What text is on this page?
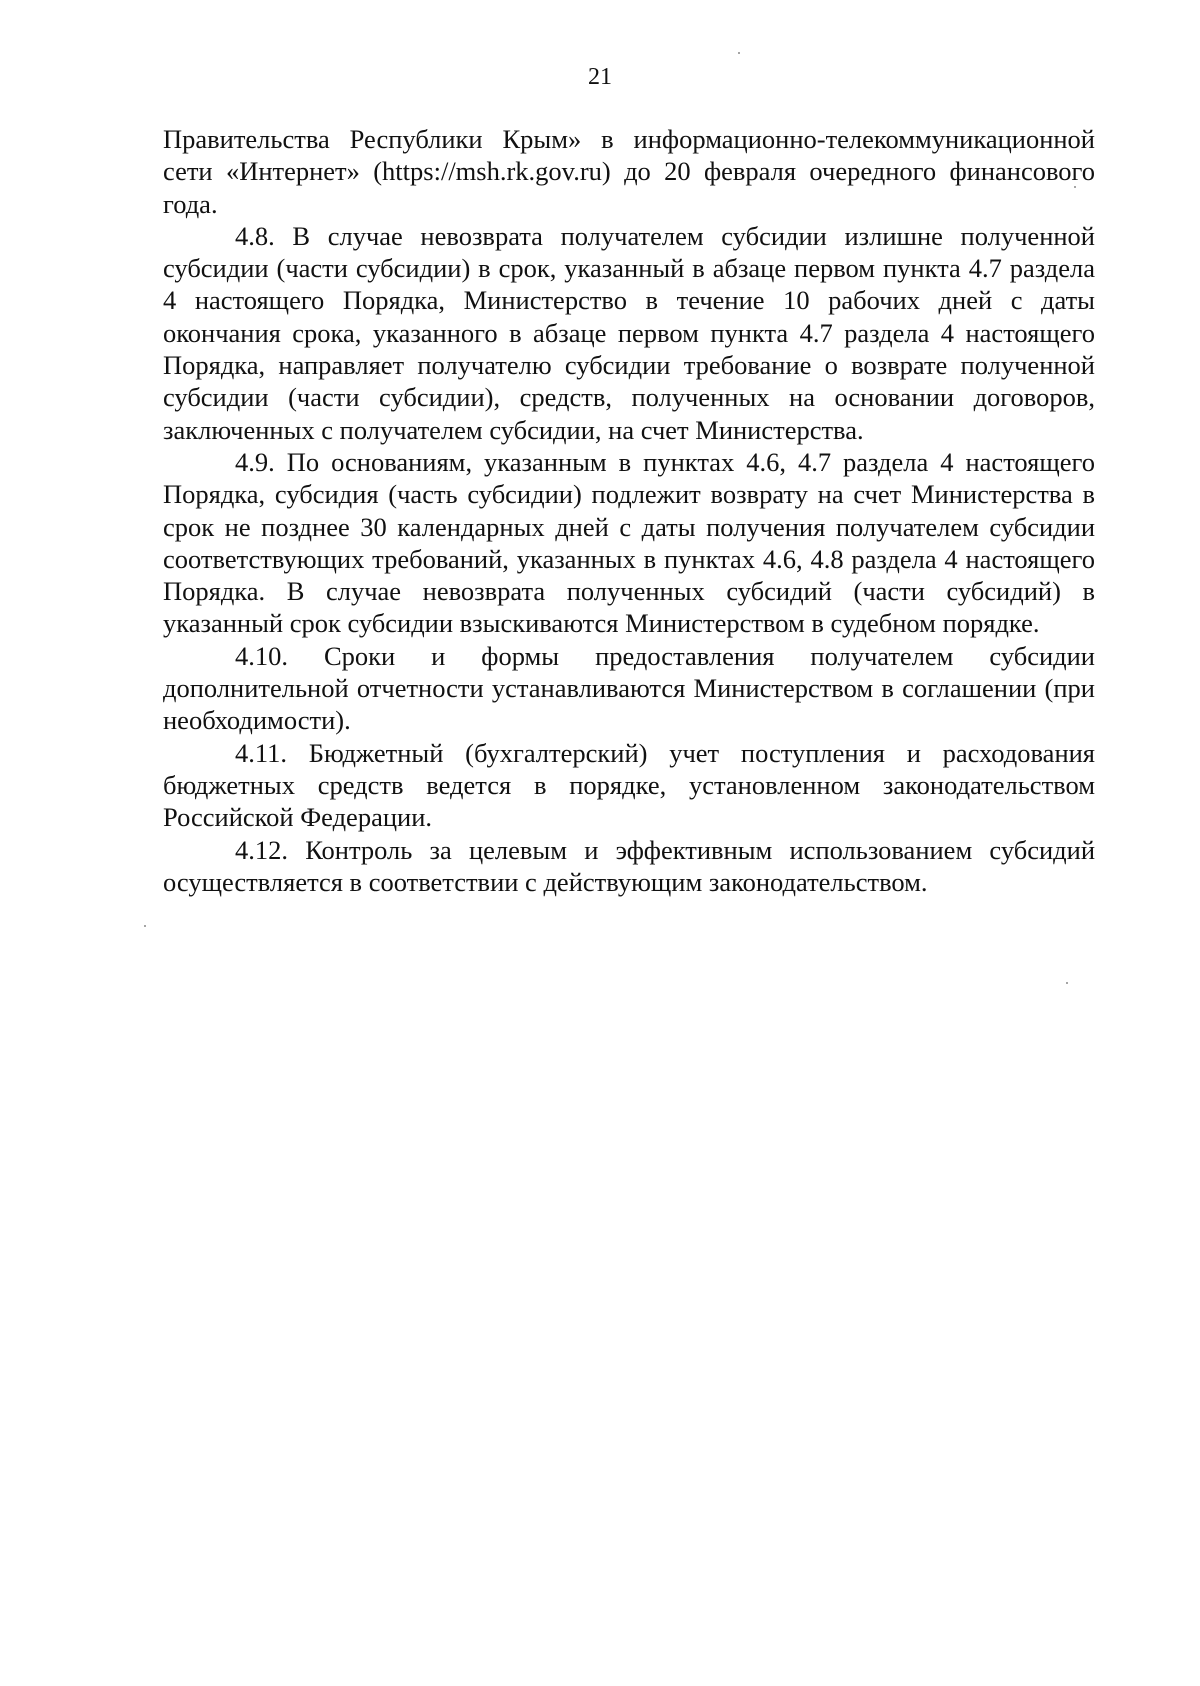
21

Правительства Республики Крым» в информационно-телекоммуникационной сети «Интернет» (https://msh.rk.gov.ru) до 20 февраля очередного финансового года.

4.8. В случае невозврата получателем субсидии излишне полученной субсидии (части субсидии) в срок, указанный в абзаце первом пункта 4.7 раздела 4 настоящего Порядка, Министерство в течение 10 рабочих дней с даты окончания срока, указанного в абзаце первом пункта 4.7 раздела 4 настоящего Порядка, направляет получателю субсидии требование о возврате полученной субсидии (части субсидии), средств, полученных на основании договоров, заключенных с получателем субсидии, на счет Министерства.

4.9. По основаниям, указанным в пунктах 4.6, 4.7 раздела 4 настоящего Порядка, субсидия (часть субсидии) подлежит возврату на счет Министерства в срок не позднее 30 календарных дней с даты получения получателем субсидии соответствующих требований, указанных в пунктах 4.6, 4.8 раздела 4 настоящего Порядка. В случае невозврата полученных субсидий (части субсидий) в указанный срок субсидии взыскиваются Министерством в судебном порядке.

4.10. Сроки и формы предоставления получателем субсидии дополнительной отчетности устанавливаются Министерством в соглашении (при необходимости).

4.11. Бюджетный (бухгалтерский) учет поступления и расходования бюджетных средств ведется в порядке, установленном законодательством Российской Федерации.

4.12. Контроль за целевым и эффективным использованием субсидий осуществляется в соответствии с действующим законодательством.
